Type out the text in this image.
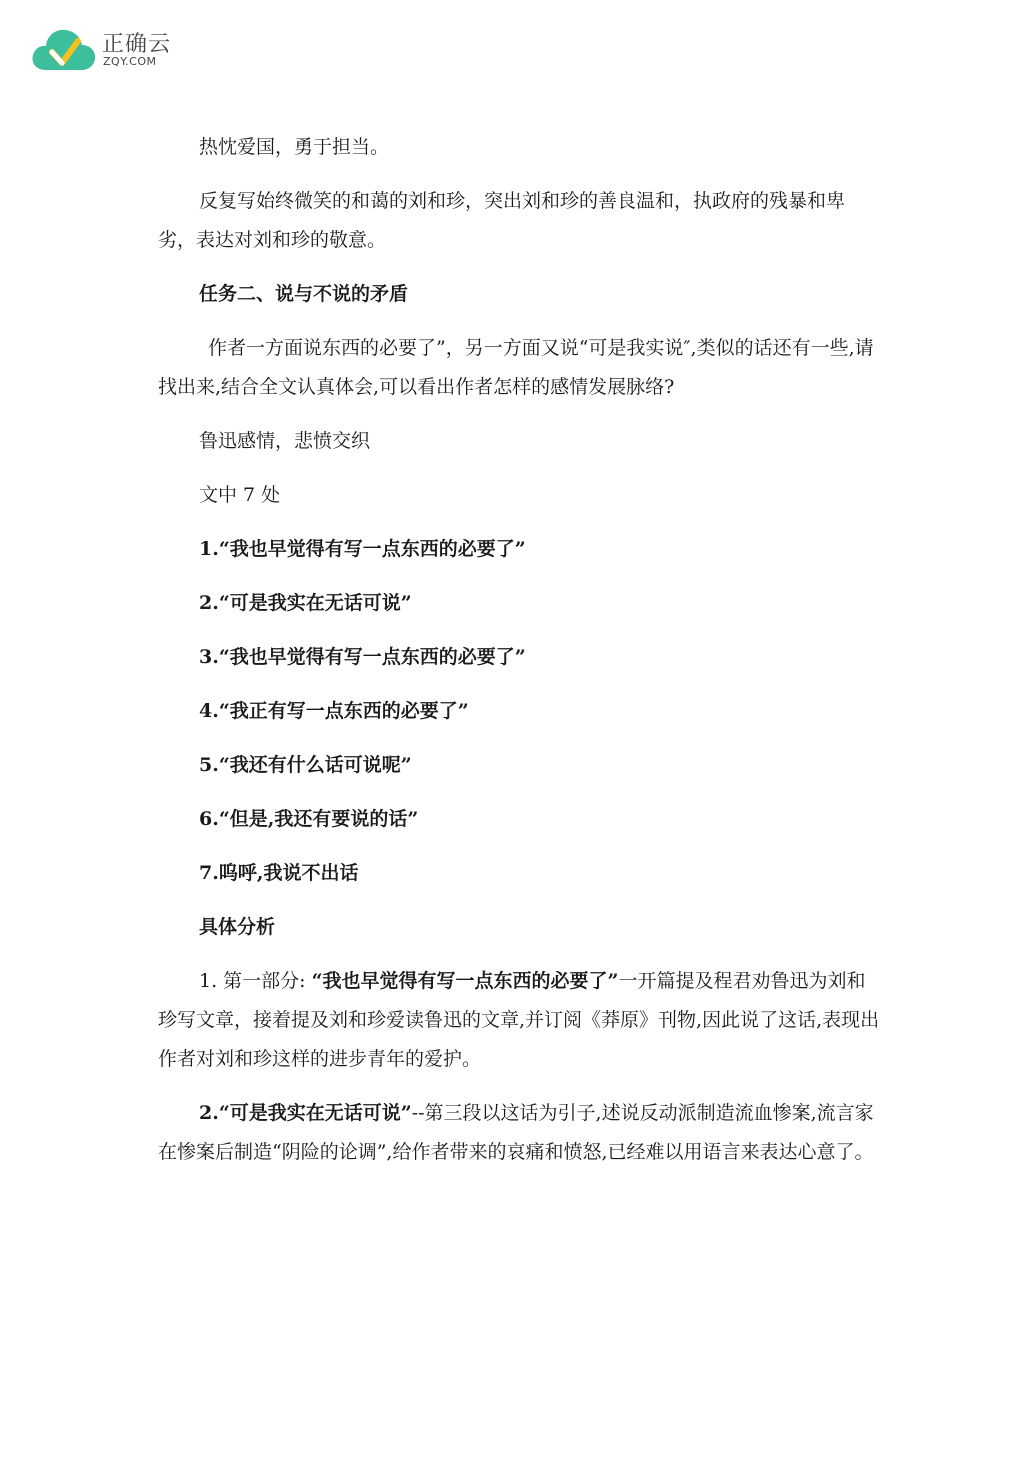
正确云
ZQY.COM

热忱爱国，勇于担当。

反复写始终微笑的和蔼的刘和珍，突出刘和珍的善良温和，执政府的残暴和卑劣，表达对刘和珍的敬意。

任务二、说与不说的矛盾

作者一方面说东西的必要了”，另一方面又说“可是我实说″,类似的话还有一些,请找出来,结合全文认真体会,可以看出作者怎样的感情发展脉络?

鲁迅感情，悲愤交织

文中 7 处

1.“我也早觉得有写一点东西的必要了”

2.“可是我实在无话可说”

3.“我也早觉得有写一点东西的必要了”

4.“我正有写一点东西的必要了”

5.“我还有什么话可说呢”

6.“但是,我还有要说的话”

7.呜呼,我说不出话

具体分析

1. 第一部分: “我也早觉得有写一点东西的必要了”一开篇提及程君劝鲁迅为刘和珍写文章，接着提及刘和珍爱读鲁迅的文章,并订阅《莽原》刊物,因此说了这话,表现出作者对刘和珍这样的进步青年的爱护。

2.“可是我实在无话可说”--第三段以这话为引子,述说反动派制造流血惨案,流言家在惨案后制造“阴险的论调”,给作者带来的哀痛和愤怒,已经难以用语言来表达心意了。
